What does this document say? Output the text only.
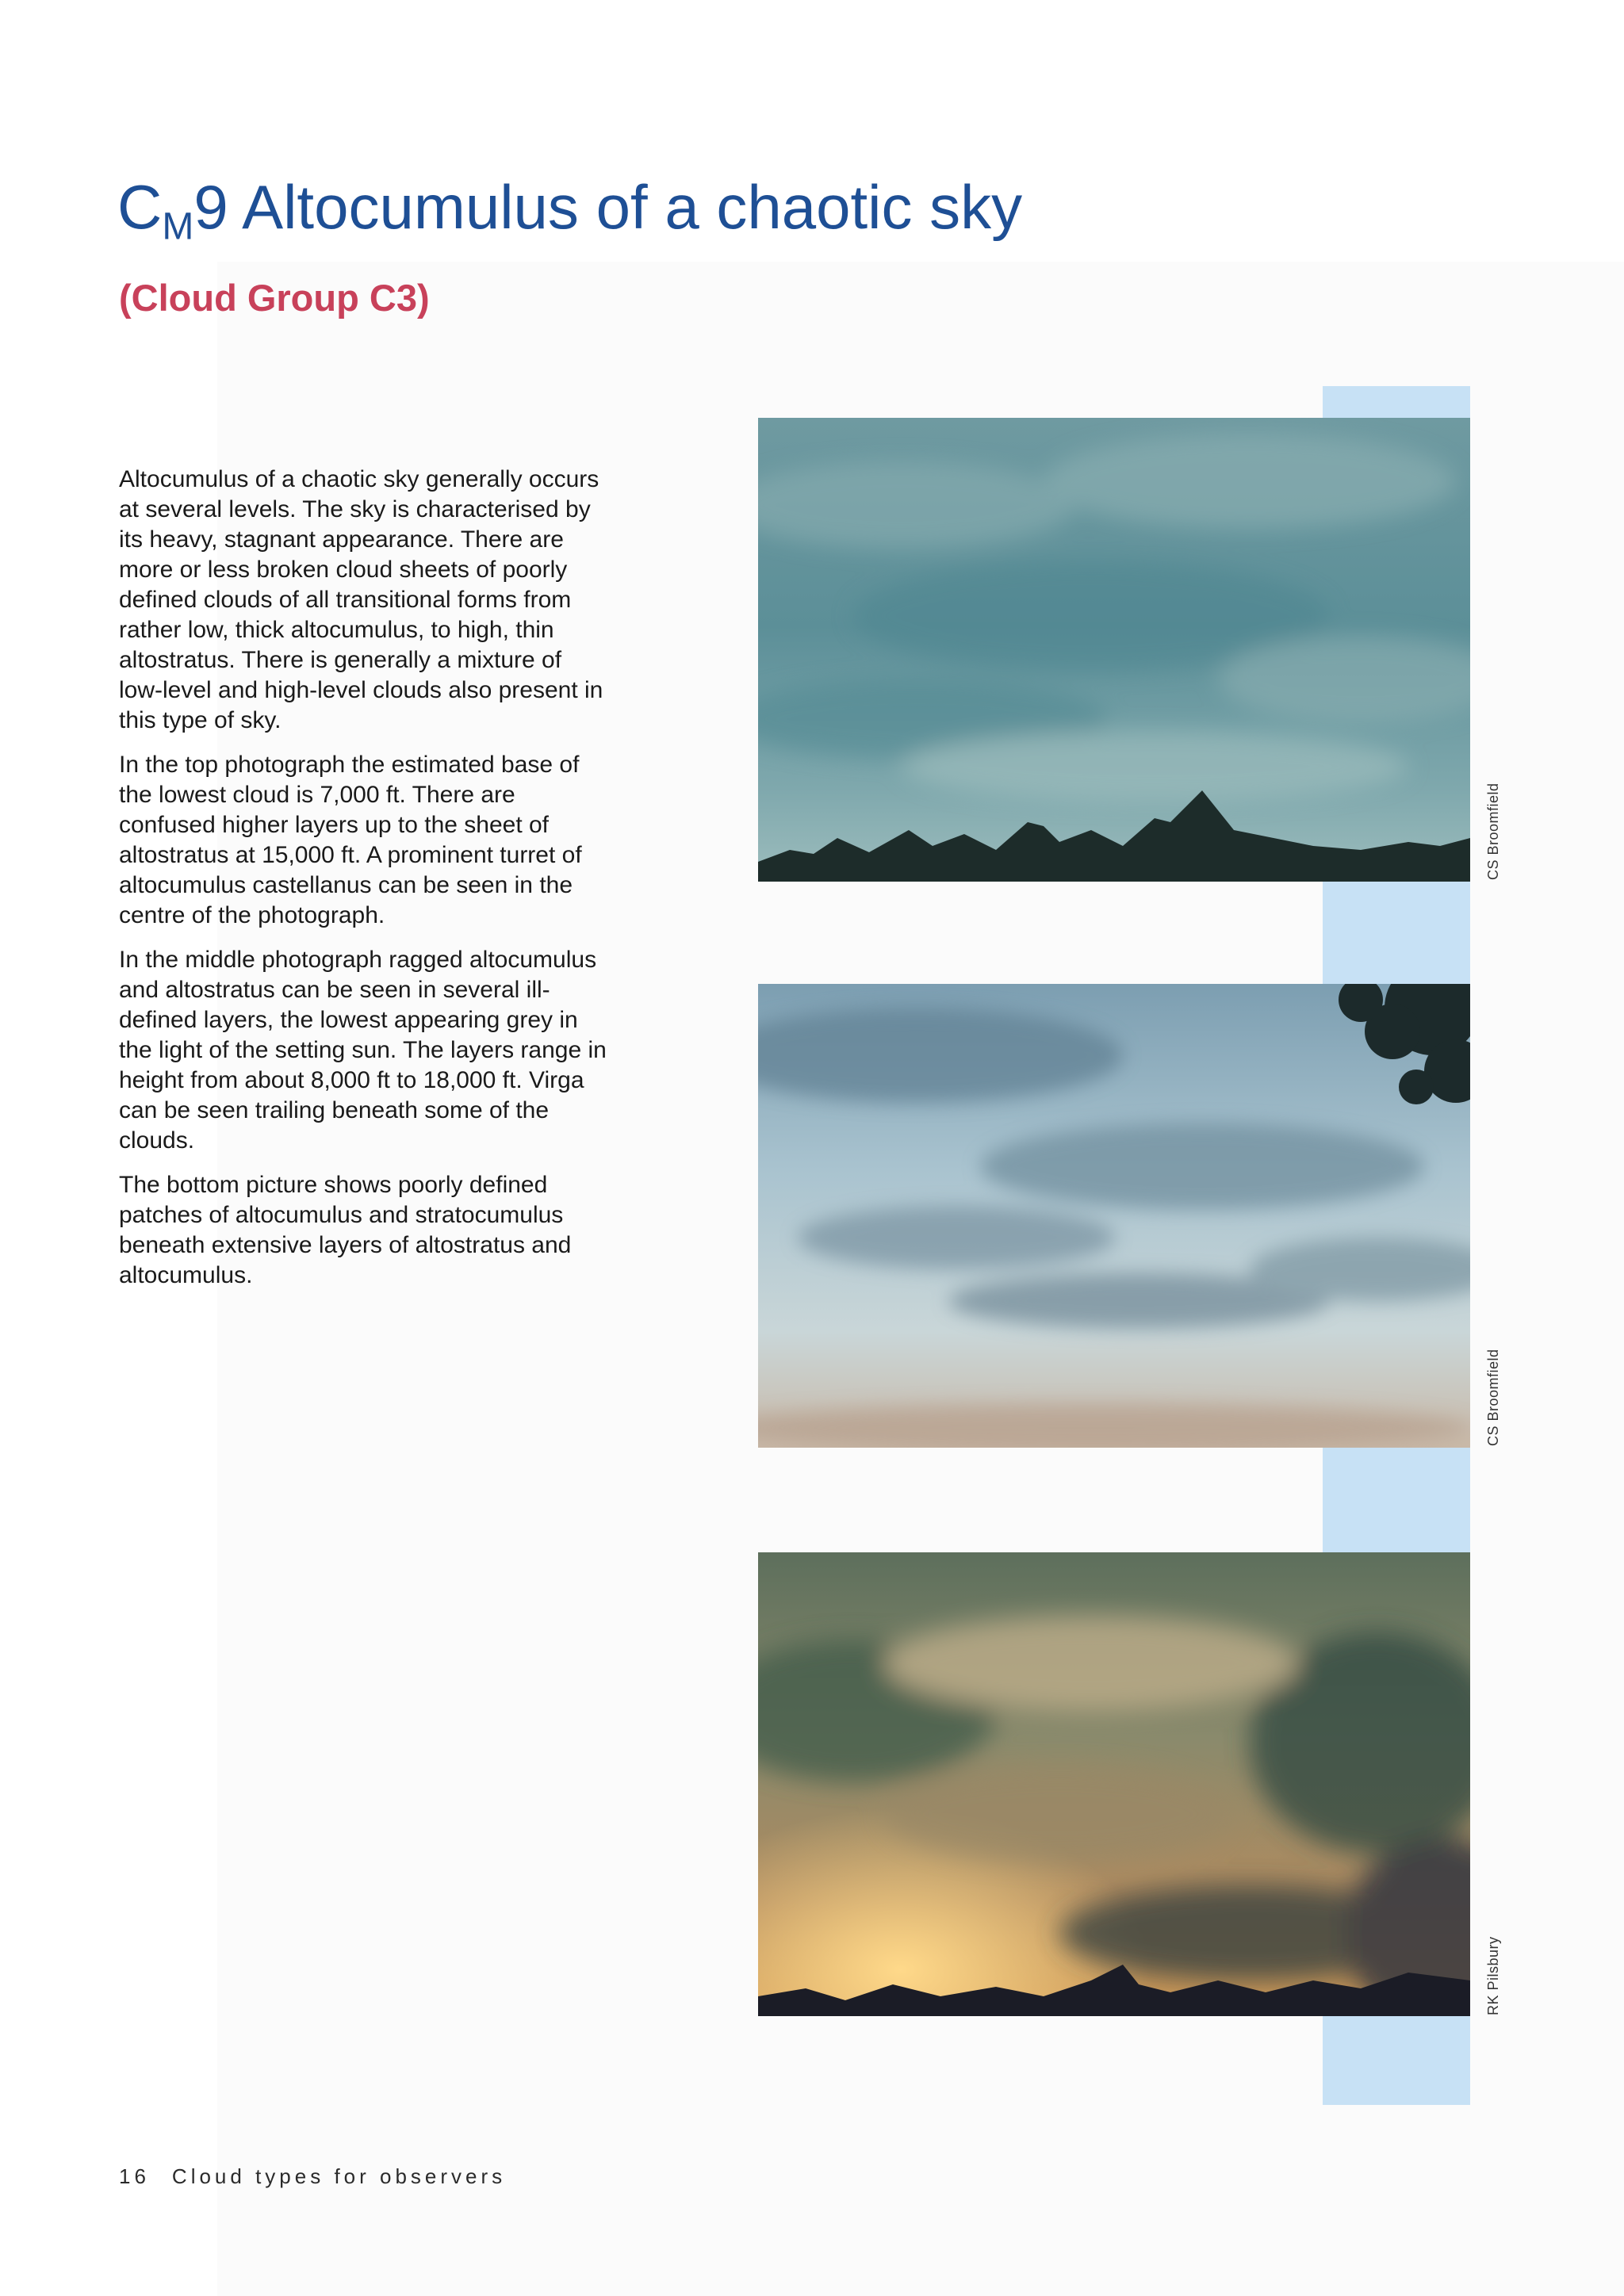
$C_M9$ Altocumulus of a chaotic sky
(Cloud Group C3)

Altocumulus of a chaotic sky generally occurs at several levels. The sky is characterised by its heavy, stagnant appearance. There are more or less broken cloud sheets of poorly defined clouds of all transitional forms from rather low, thick altocumulus, to high, thin altostratus. There is generally a mixture of low-level and high-level clouds also present in this type of sky.

In the top photograph the estimated base of the lowest cloud is 7,000 ft. There are confused higher layers up to the sheet of altostratus at 15,000 ft. A prominent turret of altocumulus castellanus can be seen in the centre of the photograph.

In the middle photograph ragged altocumulus and altostratus can be seen in several ill-defined layers, the lowest appearing grey in the light of the setting sun. The layers range in height from about 8,000 ft to 18,000 ft. Virga can be seen trailing beneath some of the clouds.

The bottom picture shows poorly defined patches of altocumulus and stratocumulus beneath extensive layers of altostratus and altocumulus.

CS Broomfield
CS Broomfield
RK Pilsbury
16 Cloud types for observers
